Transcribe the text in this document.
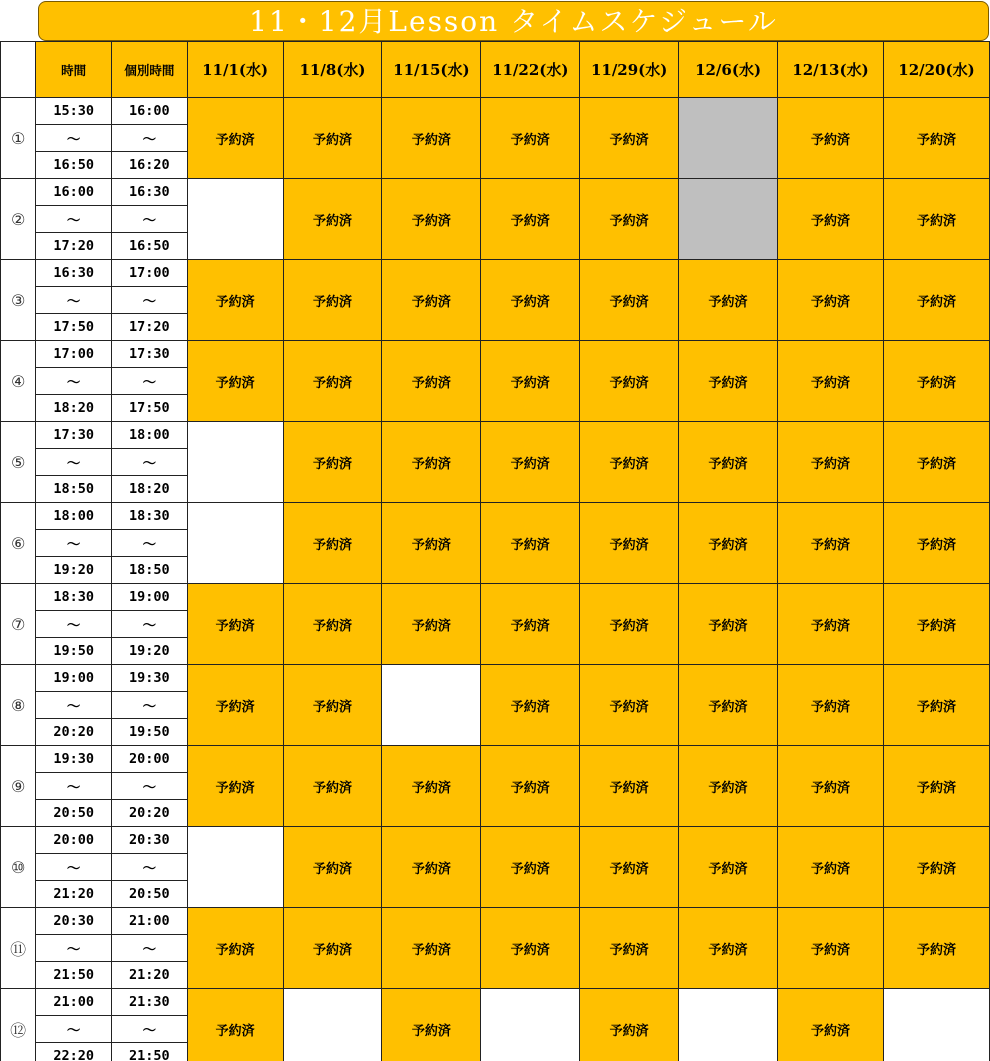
11・12月Lesson タイムスケジュール
	時間	個別時間	11/1(水)	11/8(水)	11/15(水)	11/22(水)	11/29(水)	12/6(水)	12/13(水)	12/20(水)
①	15:30	16:00	予約済	予約済	予約済	予約済	予約済		予約済	予約済
	～	～								
	16:50	16:20								
②	16:00	16:30		予約済	予約済	予約済	予約済		予約済	予約済
	～	～								
	17:20	16:50								
③	16:30	17:00	予約済	予約済	予約済	予約済	予約済	予約済	予約済	予約済
	～	～								
	17:50	17:20								
④	17:00	17:30	予約済	予約済	予約済	予約済	予約済	予約済	予約済	予約済
	～	～								
	18:20	17:50								
⑤	17:30	18:00		予約済	予約済	予約済	予約済	予約済	予約済	予約済
	～	～								
	18:50	18:20								
⑥	18:00	18:30		予約済	予約済	予約済	予約済	予約済	予約済	予約済
	～	～								
	19:20	18:50								
⑦	18:30	19:00	予約済	予約済	予約済	予約済	予約済	予約済	予約済	予約済
	～	～								
	19:50	19:20								
⑧	19:00	19:30	予約済	予約済		予約済	予約済	予約済	予約済	予約済
	～	～								
	20:20	19:50								
⑨	19:30	20:00	予約済	予約済	予約済	予約済	予約済	予約済	予約済	予約済
	～	～								
	20:50	20:20								
⑩	20:00	20:30		予約済	予約済	予約済	予約済	予約済	予約済	予約済
	～	～								
	21:20	20:50								
⑪	20:30	21:00	予約済	予約済	予約済	予約済	予約済	予約済	予約済	予約済
	～	～								
	21:50	21:20								
⑫	21:00	21:30	予約済		予約済		予約済		予約済	
	～	～								
	22:20	21:50								
